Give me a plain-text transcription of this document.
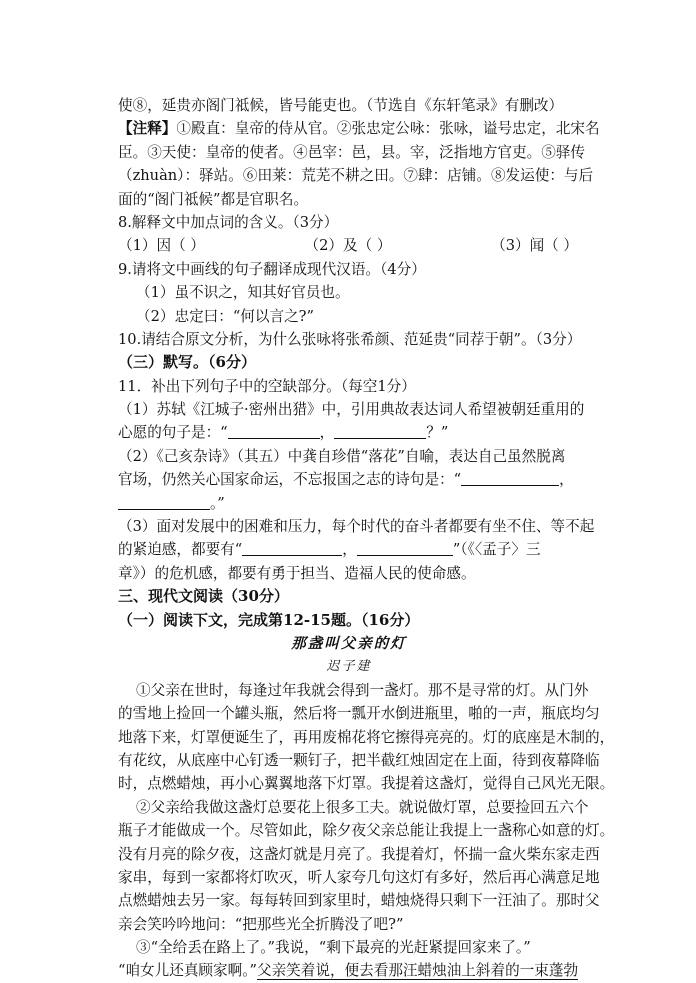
使⑧，延贵亦阁门祗候，皆号能吏也。（节选自《东轩笔录》有删改）
【注释】①殿直：皇帝的侍从官。②张忠定公咏：张咏，谥号忠定，北宋名
臣。③天使：皇帝的使者。④邑宰：邑，县。宰，泛指地方官吏。⑤驿传
（zhuàn）：驿站。⑥田莱：荒芜不耕之田。⑦肆：店铺。⑧发运使：与后
面的“阁门祗候”都是官职名。
8.解释文中加点词的含义。（3分）
（1）因（ ）	（2）及（ ）	（3）闻（ ）
9.请将文中画线的句子翻译成现代汉语。（4分）
（1）虽不识之，知其好官员也。
（2）忠定曰：“何以言之?”
10.请结合原文分析，为什么张咏将张希颜、范延贵“同荐于朝”。（3分）
（三）默写。（6分）
11．补出下列句子中的空缺部分。（每空1分）
（1）苏轼《江城子·密州出猎》中，引用典故表达词人希望被朝廷重用的
心愿的句子是：“	，	？”
（2）《己亥杂诗》（其五）中龚自珍借“落花”自喻，表达自己虽然脱离
官场，仍然关心国家命运，不忘报国之志的诗句是：“	，
。”
（3）面对发展中的困难和压力，每个时代的奋斗者都要有坐不住、等不起
的紧迫感，都要有“	，	”（《〈孟子〉三
章》）的危机感，都要有勇于担当、造福人民的使命感。
三、现代文阅读（30分）
（一）阅读下文，完成第12-15题。（16分）
那盏叫父亲的灯
迟子建
①父亲在世时，每逢过年我就会得到一盏灯。那不是寻常的灯。从门外
的雪地上捡回一个罐头瓶，然后将一瓢开水倒进瓶里，啪的一声，瓶底均匀
地落下来，灯罩便诞生了，再用废棉花将它擦得亮亮的。灯的底座是木制的，
有花纹，从底座中心钉透一颗钉子，把半截红烛固定在上面，待到夜幕降临
时，点燃蜡烛，再小心翼翼地落下灯罩。我提着这盏灯，觉得自己风光无限。
②父亲给我做这盏灯总要花上很多工夫。就说做灯罩，总要捡回五六个
瓶子才能做成一个。尽管如此，除夕夜父亲总能让我提上一盏称心如意的灯。
没有月亮的除夕夜，这盏灯就是月亮了。我提着灯，怀揣一盒火柴东家走西
家串，每到一家都将灯吹灭，听人家夸几句这灯有多好，然后再心满意足地
点燃蜡烛去另一家。每每转回到家里时，蜡烛烧得只剩下一汪油了。那时父
亲会笑吟吟地问：“把那些光全折腾没了吧?”
③“全给丢在路上了。”我说，“剩下最亮的光赶紧提回家来了。”
“咱女儿还真顾家啊。”父亲笑着说，便去看那汪蜡烛油上斜着的一束蓬勃
